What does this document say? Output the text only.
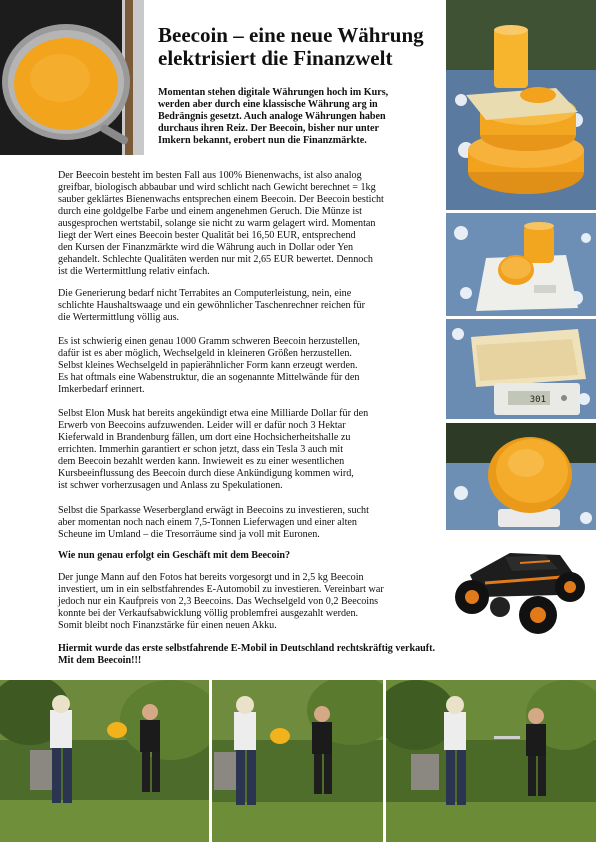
Beecoin – eine neue Währung
elektrisiert die Finanzwelt
Momentan stehen digitale Währungen hoch im Kurs,
werden aber durch eine klassische Währung arg in
Bedrängnis gesetzt. Auch analoge Währungen haben
durchaus ihren Reiz. Der Beecoin, bisher nur unter
Imkern bekannt, erobert nun die Finanzmärkte.
301
Der Beecoin besteht im besten Fall aus 100% Bienenwachs, ist also analog
greifbar, biologisch abbaubar und wird schlicht nach Gewicht berechnet = 1kg
sauber geklärtes Bienenwachs entsprechen einem Beecoin. Der Beecoin besticht
durch eine goldgelbe Farbe und einem angenehmen Geruch. Die Münze ist
ausgesprochen wertstabil, solange sie nicht zu warm gelagert wird. Momentan
liegt der Wert eines Beecoin bester Qualität bei 16,50 EUR, entsprechend
den Kursen der Finanzmärkte wird die Währung auch in Dollar oder Yen
gehandelt. Schlechte Qualitäten werden nur mit 2,65 EUR bewertet. Dennoch
ist die Wertermittlung relativ einfach.
Die Generierung bedarf nicht Terrabites an Computerleistung, nein, eine
schlichte Haushaltswaage und ein gewöhnlicher Taschenrechner reichen für
die Wertermittlung völlig aus.
Es ist schwierig einen genau 1000 Gramm schweren Beecoin herzustellen,
dafür ist es aber möglich, Wechselgeld in kleineren Größen herzustellen.
Selbst kleines Wechselgeld in papierähnlicher Form kann erzeugt werden.
Es hat oftmals eine Wabenstruktur, die an sogenannte Mittelwände für den
Imkerbedarf erinnert.
Selbst Elon Musk hat bereits angekündigt etwa eine Milliarde Dollar für den
Erwerb von Beecoins aufzuwenden. Leider will er dafür noch 3 Hektar
Kieferwald in Brandenburg fällen, um dort eine Hochsicherheitshalle zu
errichten. Immerhin garantiert er schon jetzt, dass ein Tesla 3 auch mit
dem Beecoin bezahlt werden kann. Inwieweit es zu einer wesentlichen
Kursbeeinflussung des Beecoin durch diese Ankündigung kommen wird,
ist schwer vorherzusagen und Anlass zu Spekulationen.
Selbst die Sparkasse Weserbergland erwägt in Beecoins zu investieren, sucht
aber momentan noch nach einem 7,5-Tonnen Lieferwagen und einer alten
Scheune im Umland – die Tresorräume sind ja voll mit Euronen.
Wie nun genau erfolgt ein Geschäft mit dem Beecoin?
Der junge Mann auf den Fotos hat bereits vorgesorgt und in 2,5 kg Beecoin
investiert, um in ein selbstfahrendes E-Automobil zu investieren. Vereinbart war
jedoch nur ein Kaufpreis von 2,3 Beecoins. Das Wechselgeld von 0,2 Beecoins
konnte bei der Verkaufsabwicklung völlig problemfrei ausgezahlt werden.
Somit bleibt noch Finanzstärke für einen neuen Akku.
Hiermit wurde das erste selbstfahrende E-Mobil in Deutschland rechtskräftig verkauft.
Mit dem Beecoin!!!
